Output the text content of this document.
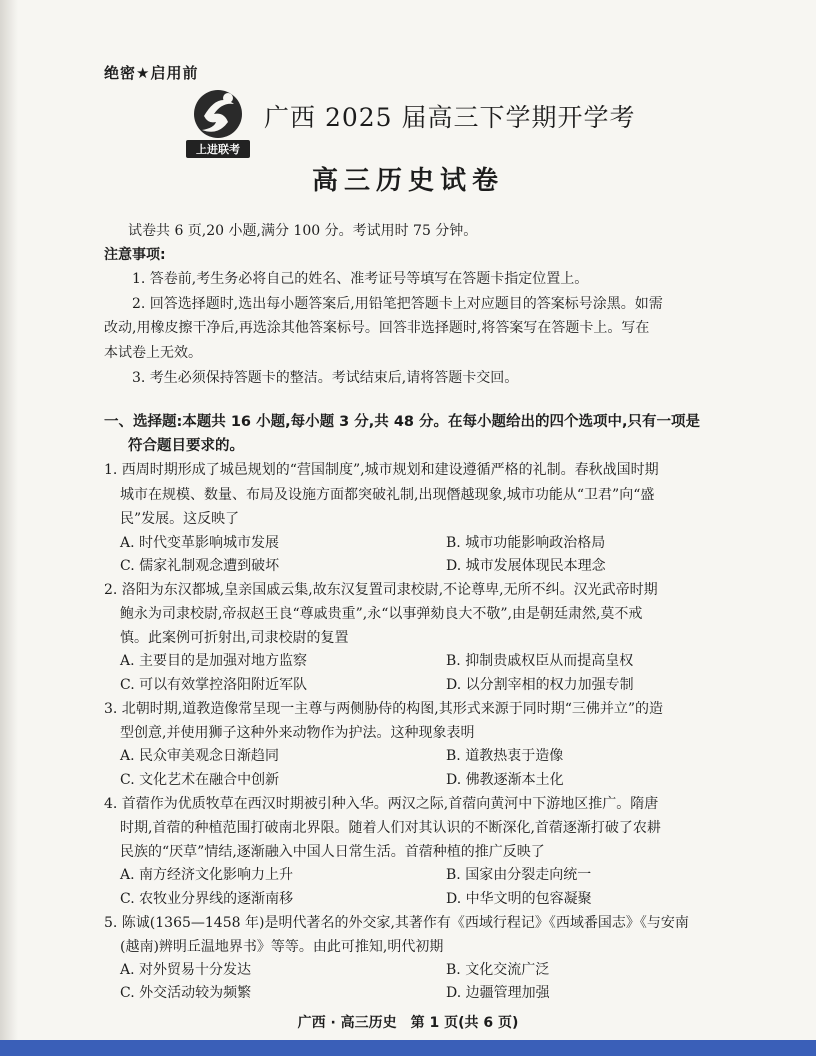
绝密★启用前
上进联考
广西 2025 届高三下学期开学考
高三历史试卷
试卷共 6 页,20 小题,满分 100 分。考试用时 75 分钟。
注意事项:
1. 答卷前,考生务必将自己的姓名、准考证号等填写在答题卡指定位置上。
2. 回答选择题时,选出每小题答案后,用铅笔把答题卡上对应题目的答案标号涂黑。如需
改动,用橡皮擦干净后,再选涂其他答案标号。回答非选择题时,将答案写在答题卡上。写在
本试卷上无效。
3. 考生必须保持答题卡的整洁。考试结束后,请将答题卡交回。
一、选择题:本题共 16 小题,每小题 3 分,共 48 分。在每小题给出的四个选项中,只有一项是
符合题目要求的。
1. 西周时期形成了城邑规划的“营国制度”,城市规划和建设遵循严格的礼制。春秋战国时期
城市在规模、数量、布局及设施方面都突破礼制,出现僭越现象,城市功能从“卫君”向“盛
民”发展。这反映了
A. 时代变革影响城市发展	B. 城市功能影响政治格局
C. 儒家礼制观念遭到破坏	D. 城市发展体现民本理念
2. 洛阳为东汉都城,皇亲国戚云集,故东汉复置司隶校尉,不论尊卑,无所不纠。汉光武帝时期
鲍永为司隶校尉,帝叔赵王良“尊戚贵重”,永“以事弹劾良大不敬”,由是朝廷肃然,莫不戒
慎。此案例可折射出,司隶校尉的复置
A. 主要目的是加强对地方监察	B. 抑制贵戚权臣从而提高皇权
C. 可以有效掌控洛阳附近军队	D. 以分割宰相的权力加强专制
3. 北朝时期,道教造像常呈现一主尊与两侧胁侍的构图,其形式来源于同时期“三佛并立”的造
型创意,并使用狮子这种外来动物作为护法。这种现象表明
A. 民众审美观念日渐趋同	B. 道教热衷于造像
C. 文化艺术在融合中创新	D. 佛教逐渐本土化
4. 首蓿作为优质牧草在西汉时期被引种入华。两汉之际,首蓿向黄河中下游地区推广。隋唐
时期,首蓿的种植范围打破南北界限。随着人们对其认识的不断深化,首蓿逐渐打破了农耕
民族的“厌草”情结,逐渐融入中国人日常生活。首蓿种植的推广反映了
A. 南方经济文化影响力上升	B. 国家由分裂走向统一
C. 农牧业分界线的逐渐南移	D. 中华文明的包容凝聚
5. 陈诚(1365—1458 年)是明代著名的外交家,其著作有《西域行程记》《西域番国志》《与安南
(越南)辨明丘温地界书》等等。由此可推知,明代初期
A. 对外贸易十分发达	B. 文化交流广泛
C. 外交活动较为频繁	D. 边疆管理加强
广西 · 高三历史　第 1 页(共 6 页)
